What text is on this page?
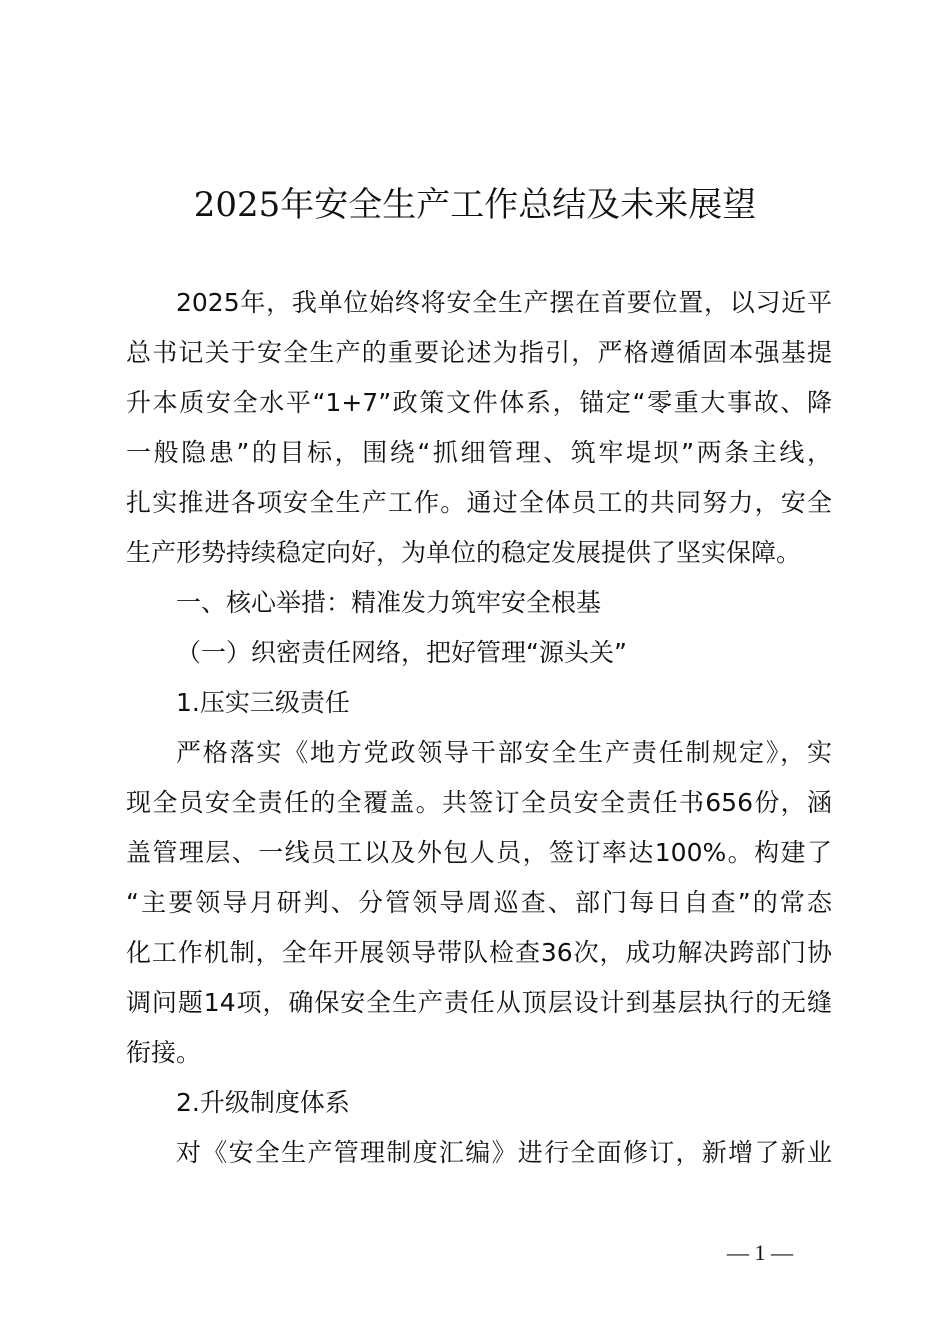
2025年安全生产工作总结及未来展望
2025年，我单位始终将安全生产摆在首要位置，以习近平
总书记关于安全生产的重要论述为指引，严格遵循固本强基提
升本质安全水平“1+7”政策文件体系，锚定“零重大事故、降
一般隐患”的目标，围绕“抓细管理、筑牢堤坝”两条主线，
扎实推进各项安全生产工作。通过全体员工的共同努力，安全
生产形势持续稳定向好，为单位的稳定发展提供了坚实保障。
一、核心举措：精准发力筑牢安全根基
（一）织密责任网络，把好管理“源头关”
1.压实三级责任
严格落实《地方党政领导干部安全生产责任制规定》，实
现全员安全责任的全覆盖。共签订全员安全责任书656份，涵
盖管理层、一线员工以及外包人员，签订率达100%。构建了
“主要领导月研判、分管领导周巡查、部门每日自查”的常态
化工作机制，全年开展领导带队检查36次，成功解决跨部门协
调问题14项，确保安全生产责任从顶层设计到基层执行的无缝
衔接。
2.升级制度体系
对《安全生产管理制度汇编》进行全面修订，新增了新业
— 1 —
